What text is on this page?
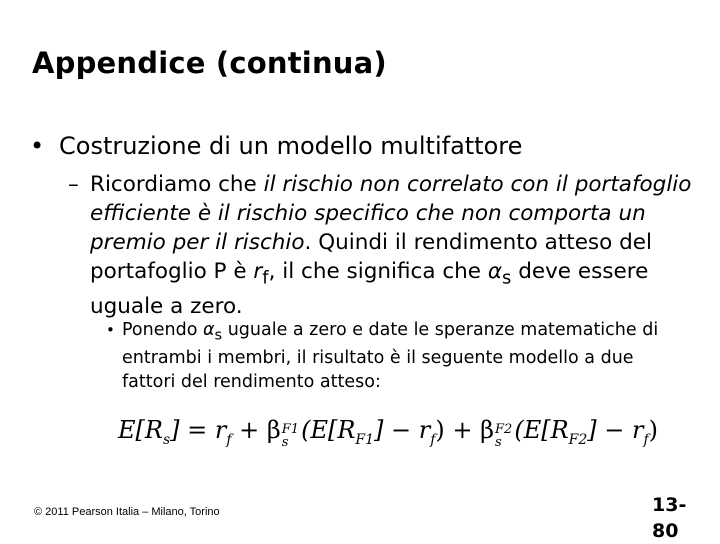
Appendice (continua)
• Costruzione di un modello multifattore
– Ricordiamo che il rischio non correlato con il portafoglio efficiente è il rischio specifico che non comporta un premio per il rischio. Quindi il rendimento atteso del portafoglio P è $r_f$, il che significa che $\alpha_s$ deve essere uguale a zero.
• Ponendo $\alpha_s$ uguale a zero e date le speranze matematiche di entrambi i membri, il risultato è il seguente modello a due fattori del rendimento atteso:
$E[R_s] = r_f + \beta$ F1
s $(E[R_{F1}] - r_f) + \beta$ F2
s $(E[R_{F2}] - r_f)$
© 2011 Pearson Italia – Milano, Torino	13-
80
